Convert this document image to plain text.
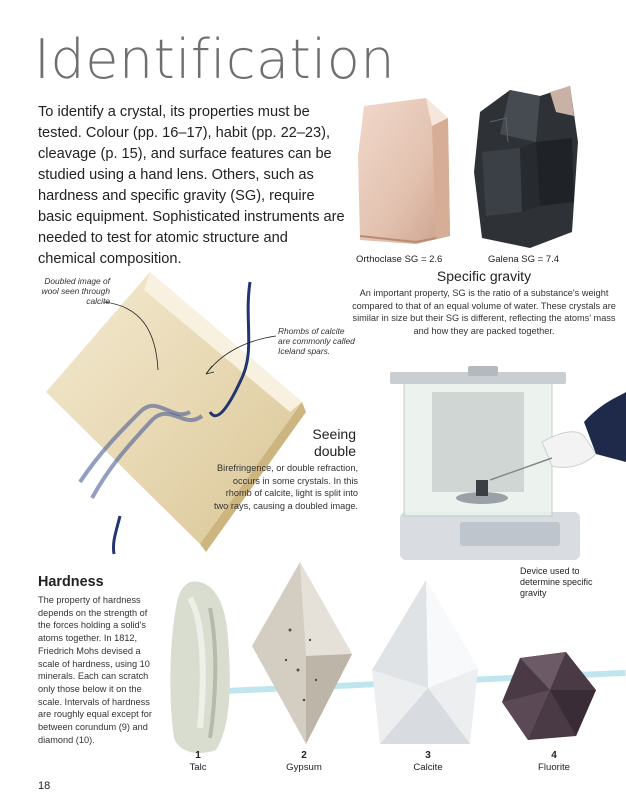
Identification

To identify a crystal, its properties must be tested. Colour (pp. 16–17), habit (pp. 22–23), cleavage (p. 15), and surface features can be studied using a hand lens. Others, such as hardness and specific gravity (SG), require basic equipment. Sophisticated instruments are needed to test for atomic structure and chemical composition.	Orthoclase SG = 2.6	Galena SG = 7.4
Specific gravity

An important property, SG is the ratio of a substance's weight compared to that of an equal volume of water. These crystals are similar in size but their SG is different, reflecting the atoms' mass and how they are packed together.

Doubled image of wool seen through calcite
Rhombs of calcite are commonly called Iceland spars.
Seeing double

Birefringence, or double refraction, occurs in some crystals. In this rhomb of calcite, light is split into two rays, causing a doubled image.

Device used to determine specific gravity
Hardness

The property of hardness depends on the strength of the forces holding a solid's atoms together. In 1812, Friedrich Mohs devised a scale of hardness, using 10 minerals. Each can scratch only those below it on the scale. Intervals of hardness are roughly equal except for between corundum (9) and diamond (10).

1
Talc
2
Gypsum
3
Calcite
4
Fluorite
18
